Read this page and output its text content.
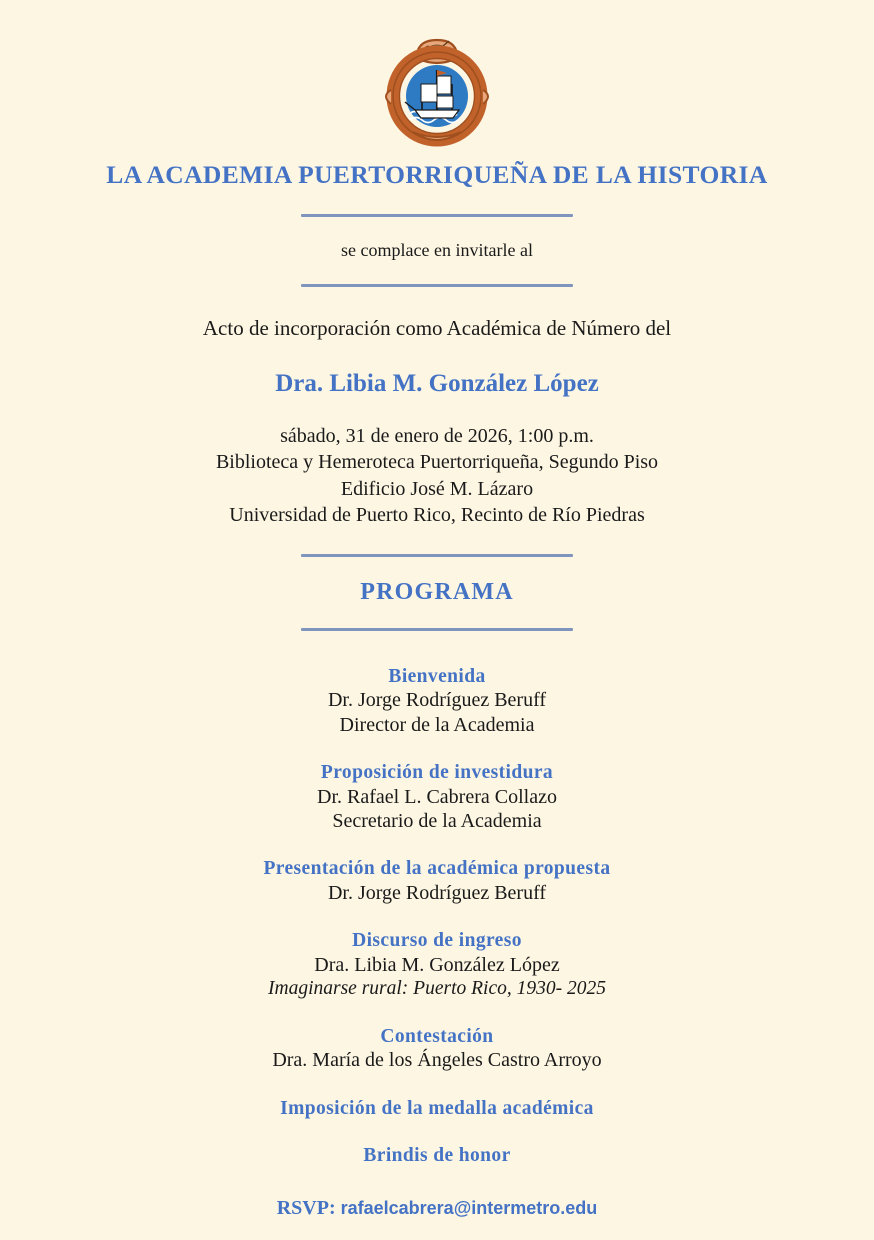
LA ACADEMIA PUERTORRIQUEÑA DE LA HISTORIA
se complace en invitarle al
Acto de incorporación como Académica de Número del
Dra. Libia M. González López
sábado, 31 de enero de 2026, 1:00 p.m.
Biblioteca y Hemeroteca Puertorriqueña, Segundo Piso
Edificio José M. Lázaro
Universidad de Puerto Rico, Recinto de Río Piedras
PROGRAMA
Bienvenida
Dr. Jorge Rodríguez Beruff
Director de la Academia
Proposición de investidura
Dr. Rafael L. Cabrera Collazo
Secretario de la Academia
Presentación de la académica propuesta
Dr. Jorge Rodríguez Beruff
Discurso de ingreso
Dra. Libia M. González López
Imaginarse rural: Puerto Rico, 1930- 2025
Contestación
Dra. María de los Ángeles Castro Arroyo
Imposición de la medalla académica
Brindis de honor
RSVP: rafaelcabrera@intermetro.edu
